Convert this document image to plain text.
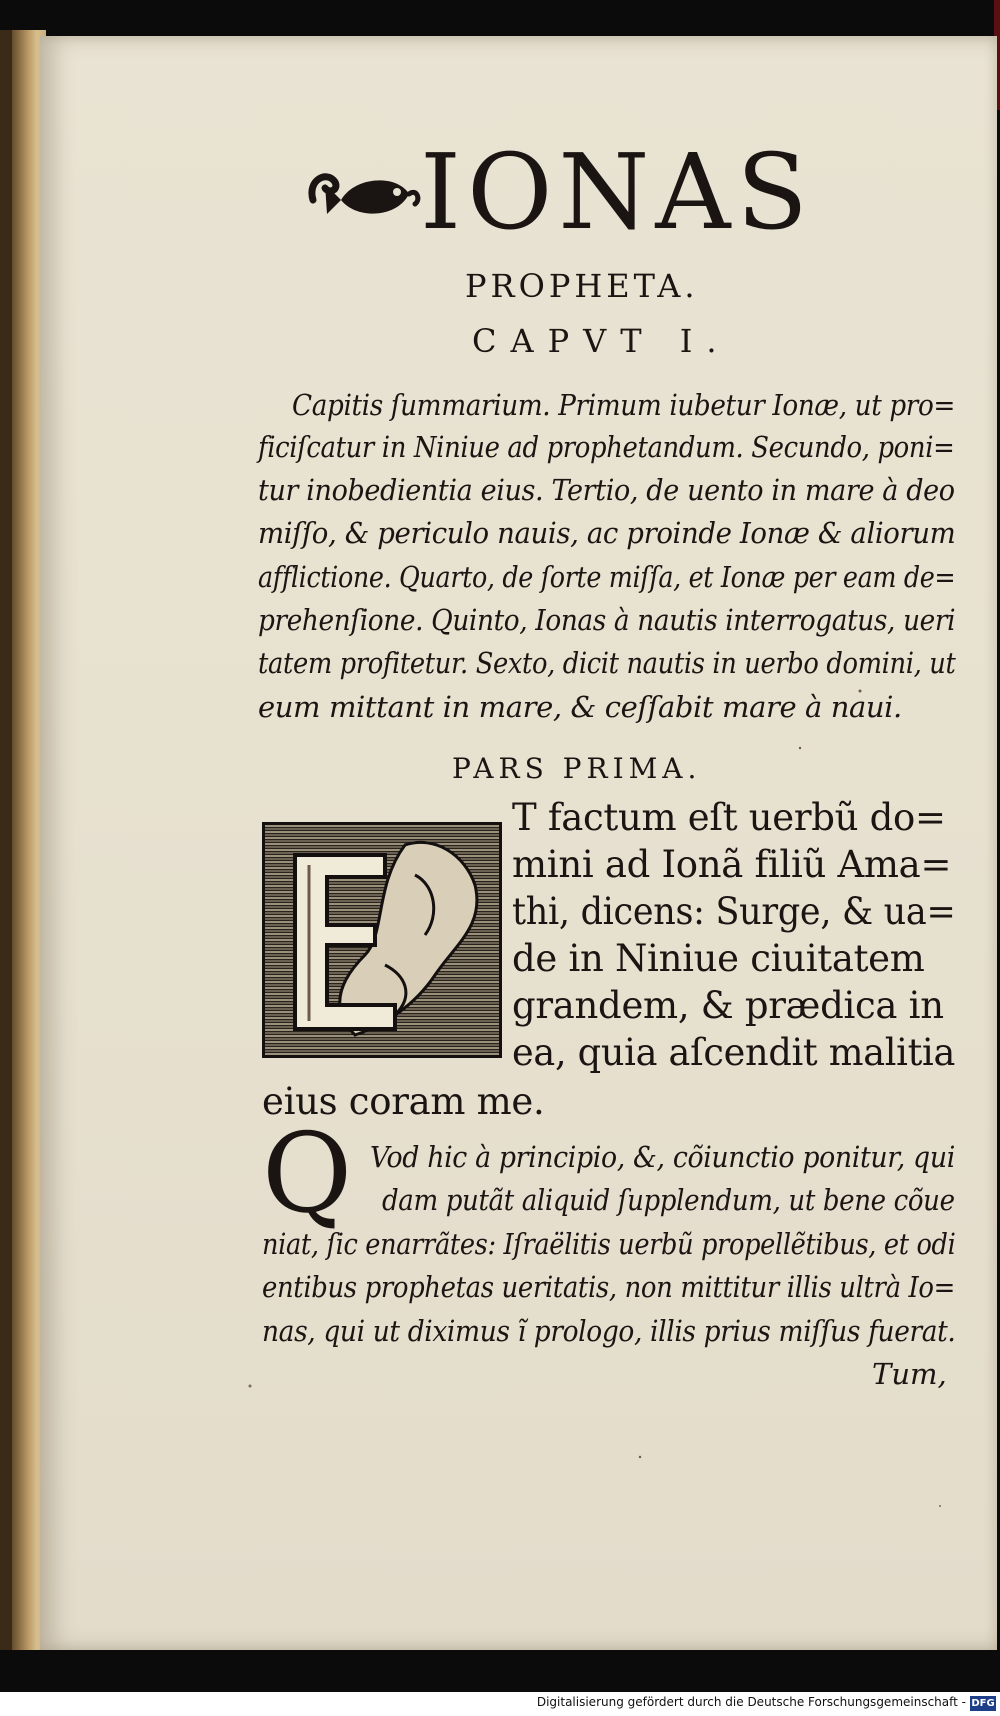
IONAS
PROPHETA.
CAPVT I.
Capitis ſummarium. Primum iubetur Ionæ, ut pro=
ficiſcatur in Niniue ad prophetandum. Secundo, poni=
tur inobedientia eius. Tertio, de uento in mare à deo
miſſo, & periculo nauis, ac proinde Ionæ & aliorum
afflictione. Quarto, de ſorte miſſa, et Ionæ per eam de=
prehenſione. Quinto, Ionas à nautis interrogatus, ueri
tatem profitetur. Sexto, dicit nautis in uerbo domini, ut
eum mittant in mare, & ceſſabit mare à naui.
PARS PRIMA.
T factum eſt uerbũ do=
mini ad Ionã filiũ Ama=
thi, dicens: Surge, & ua=
de in Niniue ciuitatem
grandem, & prædica in
ea, quia aſcendit malitia
eius coram me.
Q Vod hic à principio, &, cõiunctio ponitur, qui
dam putãt aliquid ſupplendum, ut bene cõue
niat, ſic enarrãtes: Iſraëlitis uerbũ propellẽtibus, et odi
entibus prophetas ueritatis, non mittitur illis ultrà Io=
nas, qui ut diximus ĩ prologo, illis prius miſſus fuerat.
Tum,
Digitalisierung gefördert durch die Deutsche Forschungsgemeinschaft - DFG
